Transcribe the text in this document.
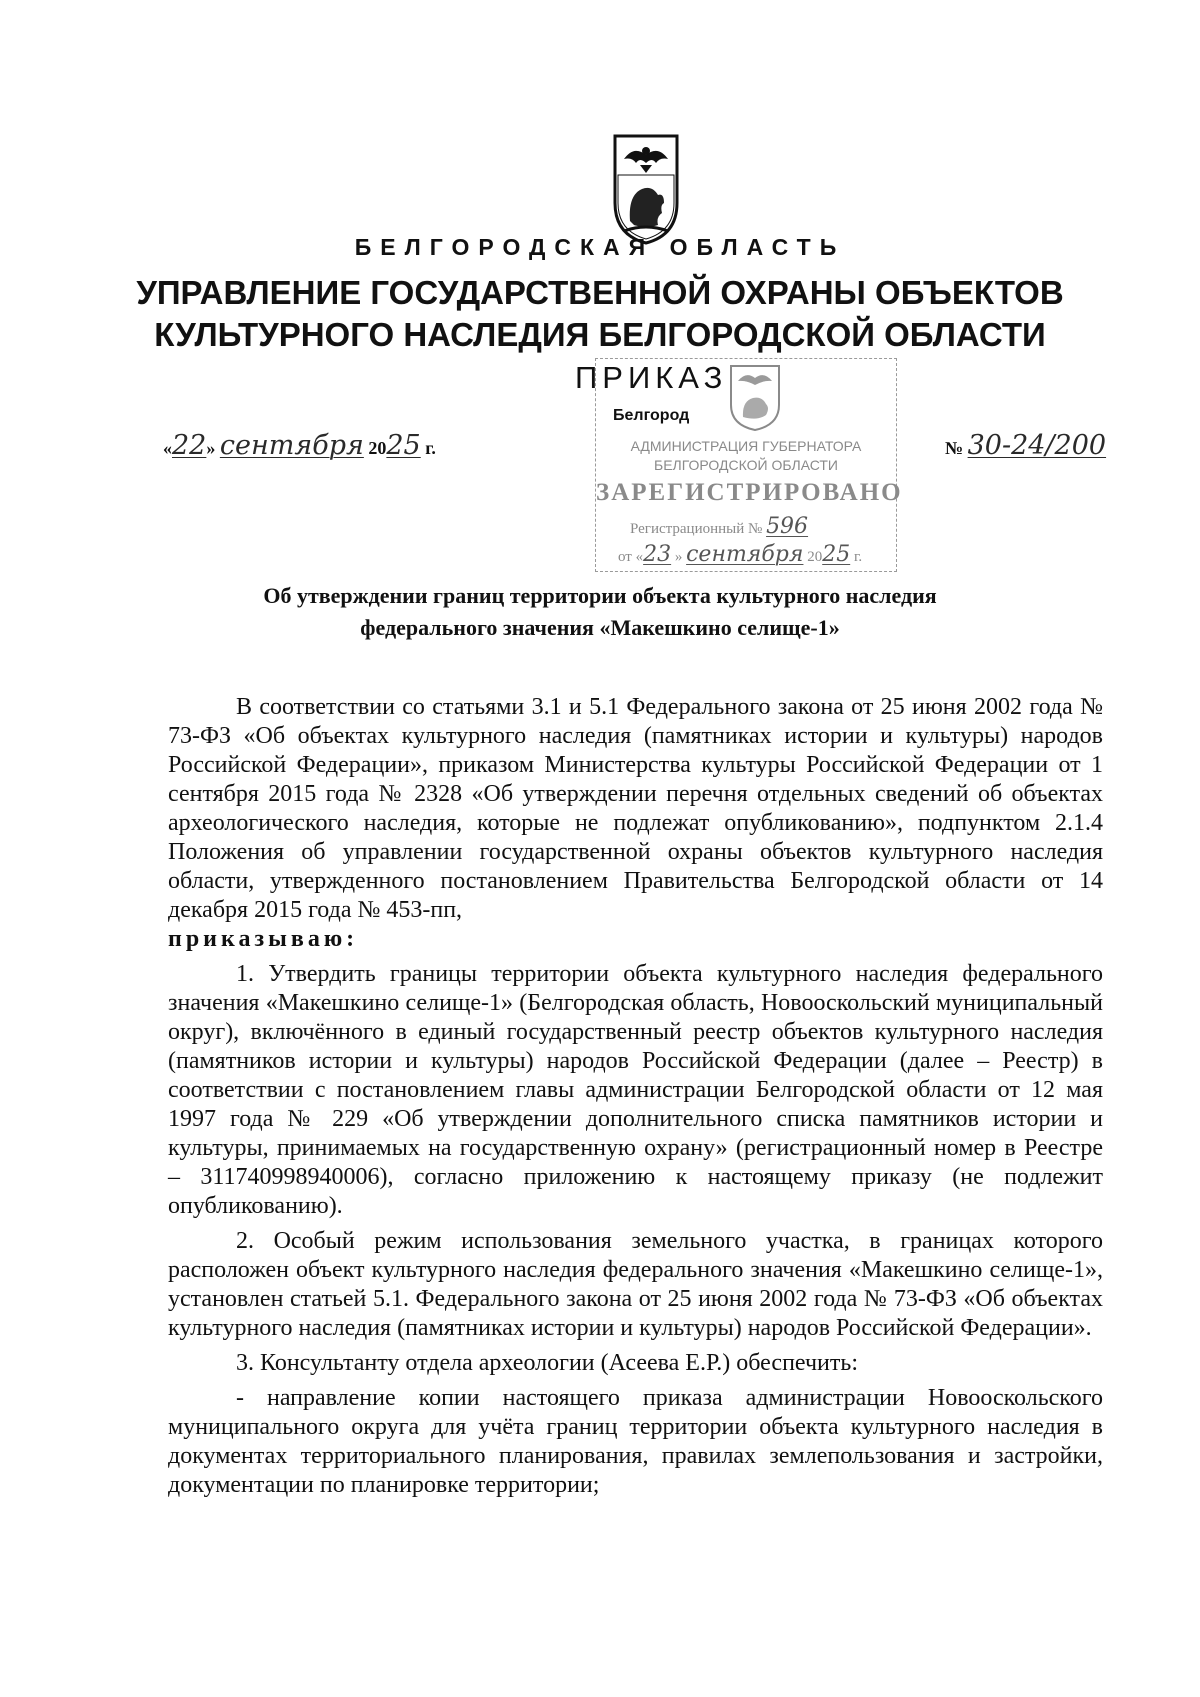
БЕЛГОРОДСКАЯ ОБЛАСТЬ
УПРАВЛЕНИЕ ГОСУДАРСТВЕННОЙ ОХРАНЫ ОБЪЕКТОВ
КУЛЬТУРНОГО НАСЛЕДИЯ БЕЛГОРОДСКОЙ ОБЛАСТИ
АДМИНИСТРАЦИЯ ГУБЕРНАТОРА
БЕЛГОРОДСКОЙ ОБЛАСТИ
ЗАРЕГИСТРИРОВАНО
Регистрационный № 596
от «23 » сентября 2025 г.
ПРИКАЗ
Белгород
«22» сентября 2025 г.	№ 30-24/200
Об утверждении границ территории объекта культурного наследия
федерального значения «Макешкино селище-1»

В соответствии со статьями 3.1 и 5.1 Федерального закона от 25 июня 2002 года № 73-ФЗ «Об объектах культурного наследия (памятниках истории и культуры) народов Российской Федерации», приказом Министерства культуры Российской Федерации от 1 сентября 2015 года № 2328 «Об утверждении перечня отдельных сведений об объектах археологического наследия, которые не подлежат опубликованию», подпунктом 2.1.4 Положения об управлении государственной охраны объектов культурного наследия области, утвержденного постановлением Правительства Белгородской области от 14 декабря 2015 года № 453-пп,
приказываю:

1. Утвердить границы территории объекта культурного наследия федерального значения «Макешкино селище-1» (Белгородская область, Новооскольский муниципальный округ), включённого в единый государственный реестр объектов культурного наследия (памятников истории и культуры) народов Российской Федерации (далее – Реестр) в соответствии с постановлением главы администрации Белгородской области от 12 мая 1997 года № 229 «Об утверждении дополнительного списка памятников истории и культуры, принимаемых на государственную охрану» (регистрационный номер в Реестре – 311740998940006), согласно приложению к настоящему приказу (не подлежит опубликованию).

2. Особый режим использования земельного участка, в границах которого расположен объект культурного наследия федерального значения «Макешкино селище-1», установлен статьей 5.1. Федерального закона от 25 июня 2002 года № 73-ФЗ «Об объектах культурного наследия (памятниках истории и культуры) народов Российской Федерации».

3. Консультанту отдела археологии (Асеева Е.Р.) обеспечить:

- направление копии настоящего приказа администрации Новооскольского муниципального округа для учёта границ территории объекта культурного наследия в документах территориального планирования, правилах землепользования и застройки, документации по планировке территории;
